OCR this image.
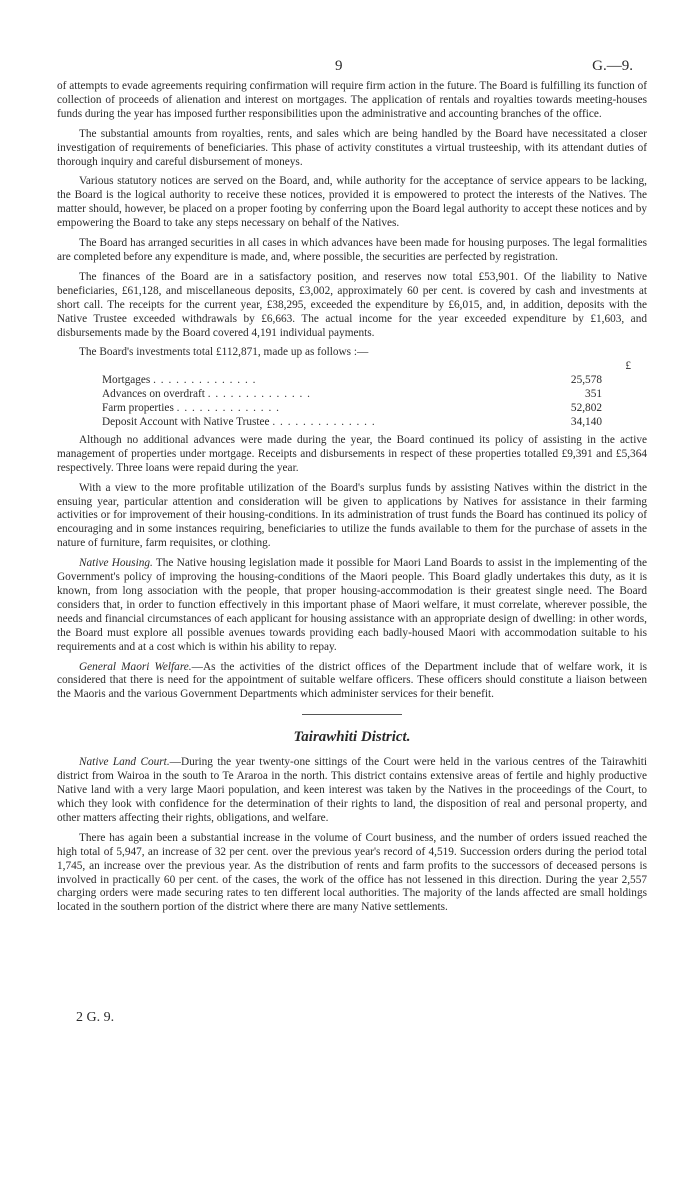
9	G.—9.

of attempts to evade agreements requiring confirmation will require firm action in the future. The Board is fulfilling its function of collection of proceeds of alienation and interest on mortgages. The application of rentals and royalties towards meeting-houses funds during the year has imposed further responsibilities upon the administrative and accounting branches of the office.

The substantial amounts from royalties, rents, and sales which are being handled by the Board have necessitated a closer investigation of requirements of beneficiaries. This phase of activity constitutes a virtual trusteeship, with its attendant duties of thorough inquiry and careful disbursement of moneys.

Various statutory notices are served on the Board, and, while authority for the acceptance of service appears to be lacking, the Board is the logical authority to receive these notices, provided it is empowered to protect the interests of the Natives. The matter should, however, be placed on a proper footing by conferring upon the Board legal authority to accept these notices and by empowering the Board to take any steps necessary on behalf of the Natives.

The Board has arranged securities in all cases in which advances have been made for housing purposes. The legal formalities are completed before any expenditure is made, and, where possible, the securities are perfected by registration.

The finances of the Board are in a satisfactory position, and reserves now total £53,901. Of the liability to Native beneficiaries, £61,128, and miscellaneous deposits, £3,002, approximately 60 per cent. is covered by cash and investments at short call. The receipts for the current year, £38,295, exceeded the expenditure by £6,015, and, in addition, deposits with the Native Trustee exceeded withdrawals by £6,663. The actual income for the year exceeded expenditure by £1,603, and disbursements made by the Board covered 4,191 individual payments.

The Board's investments total £112,871, made up as follows :—

£
Mortgages . . . . . . . . . . . . . .	25,578
Advances on overdraft . . . . . . . . . . . . . .	351
Farm properties . . . . . . . . . . . . . .	52,802
Deposit Account with Native Trustee . . . . . . . . . . . . . .	34,140

Although no additional advances were made during the year, the Board continued its policy of assisting in the active management of properties under mortgage. Receipts and disbursements in respect of these properties totalled £9,391 and £5,364 respectively. Three loans were repaid during the year.

With a view to the more profitable utilization of the Board's surplus funds by assisting Natives within the district in the ensuing year, particular attention and consideration will be given to applications by Natives for assistance in their farming activities or for improvement of their housing-conditions. In its administration of trust funds the Board has continued its policy of encouraging and in some instances requiring, beneficiaries to utilize the funds available to them for the purchase of assets in the nature of furniture, farm requisites, or clothing.

Native Housing. The Native housing legislation made it possible for Maori Land Boards to assist in the implementing of the Government's policy of improving the housing-conditions of the Maori people. This Board gladly undertakes this duty, as it is known, from long association with the people, that proper housing-accommodation is their greatest single need. The Board considers that, in order to function effectively in this important phase of Maori welfare, it must correlate, wherever possible, the needs and financial circumstances of each applicant for housing assistance with an appropriate design of dwelling: in other words, the Board must explore all possible avenues towards providing each badly-housed Maori with accommodation suitable to his requirements and at a cost which is within his ability to repay.

General Maori Welfare.—As the activities of the district offices of the Department include that of welfare work, it is considered that there is need for the appointment of suitable welfare officers. These officers should constitute a liaison between the Maoris and the various Government Departments which administer services for their benefit.

Tairawhiti District.

Native Land Court.—During the year twenty-one sittings of the Court were held in the various centres of the Tairawhiti district from Wairoa in the south to Te Araroa in the north. This district contains extensive areas of fertile and highly productive Native land with a very large Maori population, and keen interest was taken by the Natives in the proceedings of the Court, to which they look with confidence for the determination of their rights to land, the disposition of real and personal property, and other matters affecting their rights, obligations, and welfare.

There has again been a substantial increase in the volume of Court business, and the number of orders issued reached the high total of 5,947, an increase of 32 per cent. over the previous year's record of 4,519. Succession orders during the period total 1,745, an increase over the previous year. As the distribution of rents and farm profits to the successors of deceased persons is involved in practically 60 per cent. of the cases, the work of the office has not lessened in this direction. During the year 2,557 charging orders were made securing rates to ten different local authorities. The majority of the lands affected are small holdings located in the southern portion of the district where there are many Native settlements.

2 G. 9.
